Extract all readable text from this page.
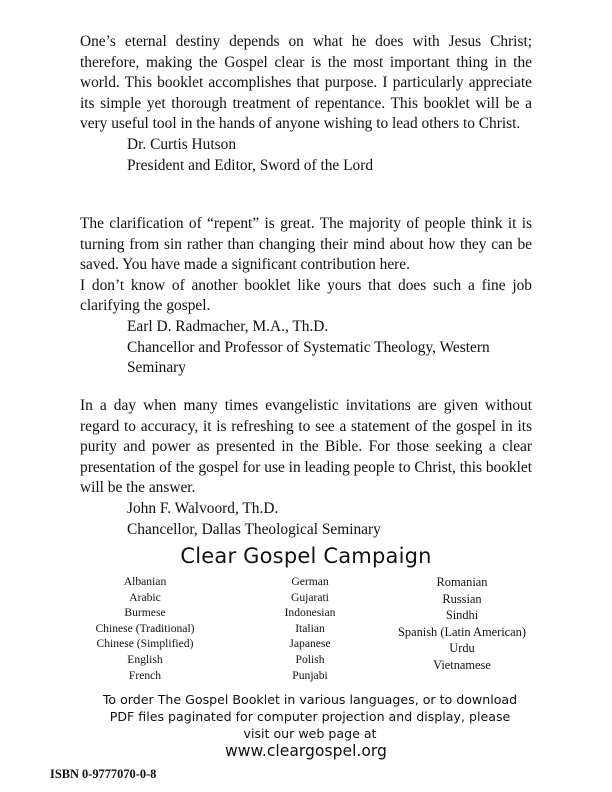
One’s eternal destiny depends on what he does with Jesus Christ; therefore, making the Gospel clear is the most important thing in the world. This booklet accomplishes that purpose. I particularly appreciate its simple yet thorough treatment of repentance. This booklet will be a very useful tool in the hands of anyone wishing to lead others to Christ.

Dr. Curtis Hutson
President and Editor, Sword of the Lord

The clarification of “repent” is great. The majority of people think it is turning from sin rather than changing their mind about how they can be saved. You have made a significant contribution here.

I don’t know of another booklet like yours that does such a fine job clarifying the gospel.

Earl D. Radmacher, M.A., Th.D.
Chancellor and Professor of Systematic Theology, Western Seminary

In a day when many times evangelistic invitations are given without regard to accuracy, it is refreshing to see a statement of the gospel in its purity and power as presented in the Bible. For those seeking a clear presentation of the gospel for use in leading people to Christ, this booklet will be the answer.

John F. Walvoord, Th.D.
Chancellor, Dallas Theological Seminary
Clear Gospel Campaign
Albanian
Arabic
Burmese
Chinese (Traditional)
Chinese (Simplified)
English
French
German
Gujarati
Indonesian
Italian
Japanese
Polish
Punjabi
Romanian
Russian
Sindhi
Spanish (Latin American)
Urdu
Vietnamese
To order The Gospel Booklet in various languages, or to download PDF files paginated for computer projection and display, please visit our web page at
www.cleargospel.org
ISBN 0-9777070-0-8
